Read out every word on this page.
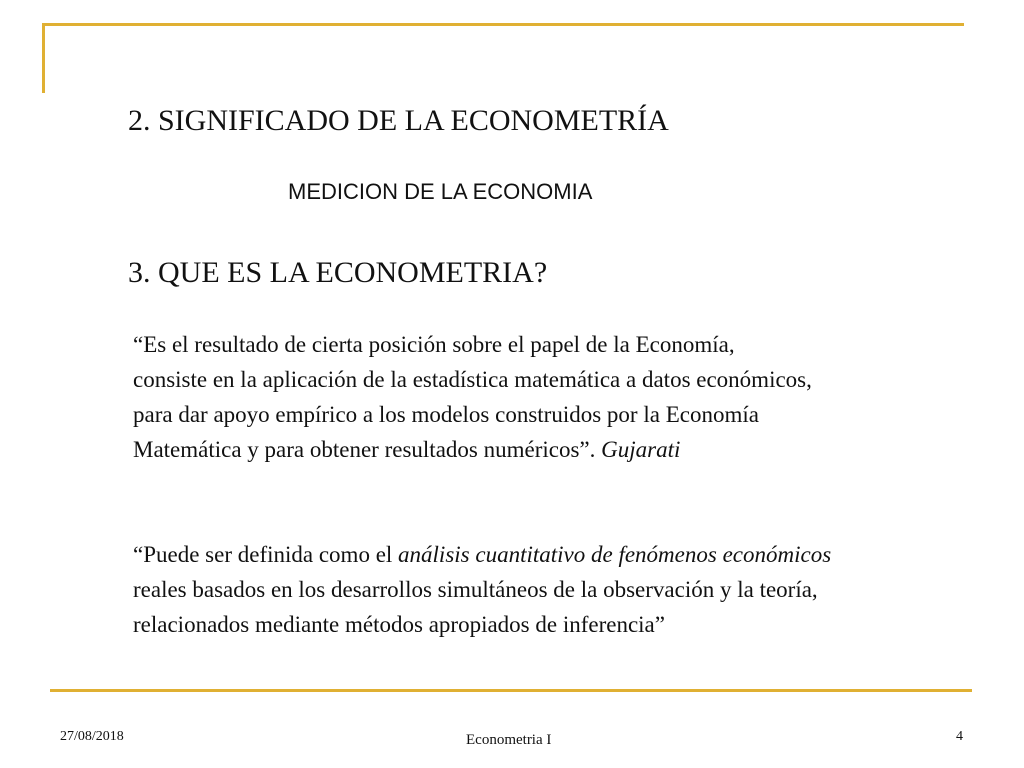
2. SIGNIFICADO DE LA ECONOMETRÍA
MEDICION DE LA ECONOMIA
3. QUE ES LA ECONOMETRIA?
“Es el resultado de cierta posición sobre el papel de la Economía,
consiste en la aplicación de la estadística matemática a datos económicos,
para dar apoyo empírico a los modelos construidos por la Economía
Matemática y para obtener resultados numéricos”. Gujarati
“Puede ser definida como el análisis cuantitativo de fenómenos económicos
reales basados en los desarrollos simultáneos de la observación y la teoría,
relacionados mediante métodos apropiados de inferencia”
27/08/2018	Econometria I	4
